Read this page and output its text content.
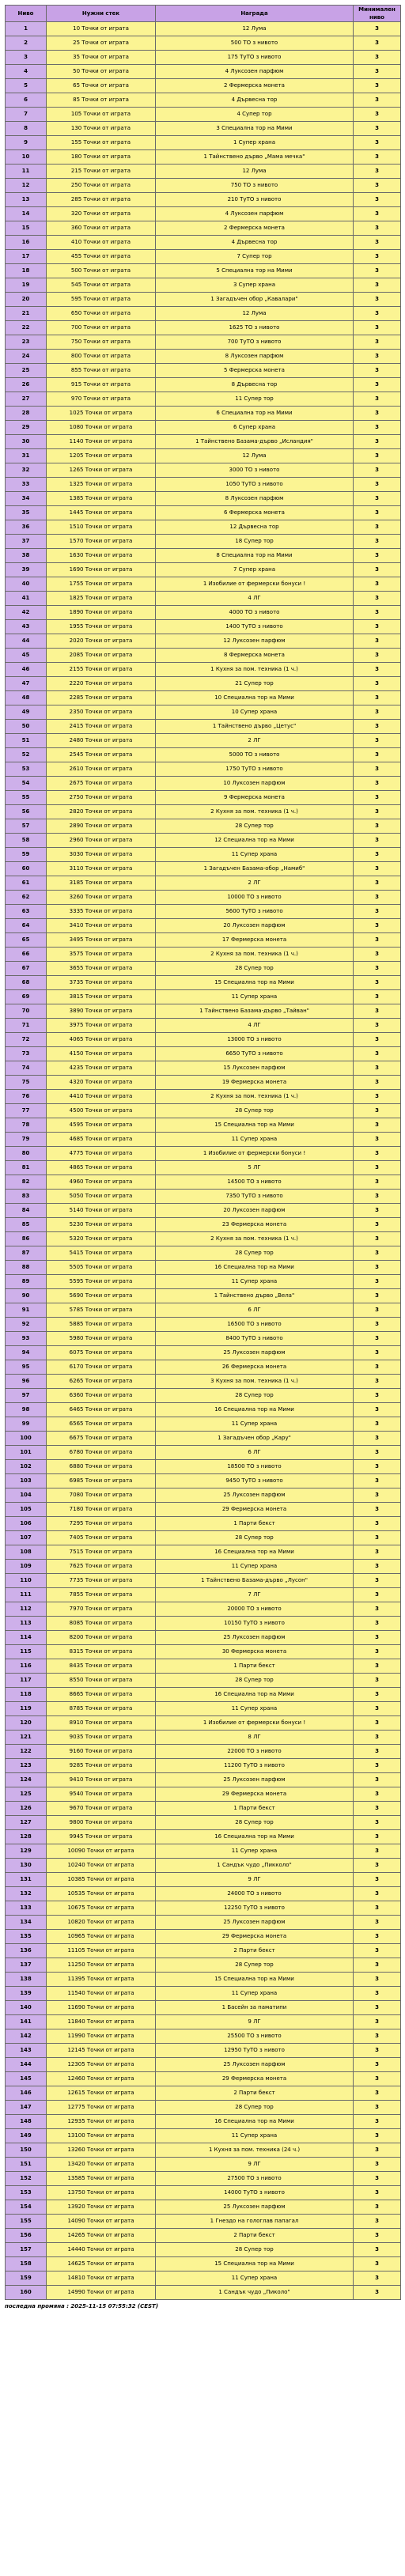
Ниво	Нужни стек	Награда	Минимален ниво
1	10 Точки от играта	12 Лума	3
2	25 Точки от играта	500 ТО з нивото	3
3	35 Точки от играта	175 ТуТО з нивото	3
4	50 Точки от играта	4 Луксозен парфюм	3
5	65 Точки от играта	2 Фермерска монета	3
6	85 Точки от играта	4 Дървесна тор	3
7	105 Точки от играта	4 Супер тор	3
8	130 Точки от играта	3 Специална тор на Мими	3
9	155 Точки от играта	1 Супер храна	3
10	180 Точки от играта	1 Тайнствено дърво „Мама мечка"	3
11	215 Точки от играта	12 Лума	3
12	250 Точки от играта	750 ТО з нивото	3
13	285 Точки от играта	210 ТуТО з нивото	3
14	320 Точки от играта	4 Луксозен парфюм	3
15	360 Точки от играта	2 Фермерска монета	3
16	410 Точки от играта	4 Дървесна тор	3
17	455 Точки от играта	7 Супер тор	3
18	500 Точки от играта	5 Специална тор на Мими	3
19	545 Точки от играта	3 Супер храна	3
20	595 Точки от играта	1 Загадъчен обор „Кавалари"	3
21	650 Точки от играта	12 Лума	3
22	700 Точки от играта	1625 ТО з нивото	3
23	750 Точки от играта	700 ТуТО з нивото	3
24	800 Точки от играта	8 Луксозен парфюм	3
25	855 Точки от играта	5 Фермерска монета	3
26	915 Точки от играта	8 Дървесна тор	3
27	970 Точки от играта	11 Супер тор	3
28	1025 Точки от играта	6 Специална тор на Мими	3
29	1080 Точки от играта	6 Супер храна	3
30	1140 Точки от играта	1 Тайнствено Базама-дърво „Исландия"	3
31	1205 Точки от играта	12 Лума	3
32	1265 Точки от играта	3000 ТО з нивото	3
33	1325 Точки от играта	1050 ТуТО з нивото	3
34	1385 Точки от играта	8 Луксозен парфюм	3
35	1445 Точки от играта	6 Фермерска монета	3
36	1510 Точки от играта	12 Дървесна тор	3
37	1570 Точки от играта	18 Супер тор	3
38	1630 Точки от играта	8 Специална тор на Мими	3
39	1690 Точки от играта	7 Супер храна	3
40	1755 Точки от играта	1 Изобилие от фермерски бонуси !	3
41	1825 Точки от играта	4 ЛГ	3
42	1890 Точки от играта	4000 ТО з нивото	3
43	1955 Точки от играта	1400 ТуТО з нивото	3
44	2020 Точки от играта	12 Луксозен парфюм	3
45	2085 Точки от играта	8 Фермерска монета	3
46	2155 Точки от играта	1 Кухня за пом. техника (1 ч.)	3
47	2220 Точки от играта	21 Супер тор	3
48	2285 Точки от играта	10 Специална тор на Мими	3
49	2350 Точки от играта	10 Супер храна	3
50	2415 Точки от играта	1 Тайнствено дърво „Цетус"	3
51	2480 Точки от играта	2 ЛГ	3
52	2545 Точки от играта	5000 ТО з нивото	3
53	2610 Точки от играта	1750 ТуТО з нивото	3
54	2675 Точки от играта	10 Луксозен парфюм	3
55	2750 Точки от играта	9 Фермерска монета	3
56	2820 Точки от играта	2 Кухня за пом. техника (1 ч.)	3
57	2890 Точки от играта	28 Супер тор	3
58	2960 Точки от играта	12 Специална тор на Мими	3
59	3030 Точки от играта	11 Супер храна	3
60	3110 Точки от играта	1 Загадъчен Базама-обор „Намиб"	3
61	3185 Точки от играта	2 ЛГ	3
62	3260 Точки от играта	10000 ТО з нивото	3
63	3335 Точки от играта	5600 ТуТО з нивото	3
64	3410 Точки от играта	20 Луксозен парфюм	3
65	3495 Точки от играта	17 Фермерска монета	3
66	3575 Точки от играта	2 Кухня за пом. техника (1 ч.)	3
67	3655 Точки от играта	28 Супер тор	3
68	3735 Точки от играта	15 Специална тор на Мими	3
69	3815 Точки от играта	11 Супер храна	3
70	3890 Точки от играта	1 Тайнствено Базама-дърво „Тайван"	3
71	3975 Точки от играта	4 ЛГ	3
72	4065 Точки от играта	13000 ТО з нивото	3
73	4150 Точки от играта	6650 ТуТО з нивото	3
74	4235 Точки от играта	15 Луксозен парфюм	3
75	4320 Точки от играта	19 Фермерска монета	3
76	4410 Точки от играта	2 Кухня за пом. техника (1 ч.)	3
77	4500 Точки от играта	28 Супер тор	3
78	4595 Точки от играта	15 Специална тор на Мими	3
79	4685 Точки от играта	11 Супер храна	3
80	4775 Точки от играта	1 Изобилие от фермерски бонуси !	3
81	4865 Точки от играта	5 ЛГ	3
82	4960 Точки от играта	14500 ТО з нивото	3
83	5050 Точки от играта	7350 ТуТО з нивото	3
84	5140 Точки от играта	20 Луксозен парфюм	3
85	5230 Точки от играта	23 Фермерска монета	3
86	5320 Точки от играта	2 Кухня за пом. техника (1 ч.)	3
87	5415 Точки от играта	28 Супер тор	3
88	5505 Точки от играта	16 Специална тор на Мими	3
89	5595 Точки от играта	11 Супер храна	3
90	5690 Точки от играта	1 Тайнствено дърво „Вела"	3
91	5785 Точки от играта	6 ЛГ	3
92	5885 Точки от играта	16500 ТО з нивото	3
93	5980 Точки от играта	8400 ТуТО з нивото	3
94	6075 Точки от играта	25 Луксозен парфюм	3
95	6170 Точки от играта	26 Фермерска монета	3
96	6265 Точки от играта	3 Кухня за пом. техника (1 ч.)	3
97	6360 Точки от играта	28 Супер тор	3
98	6465 Точки от играта	16 Специална тор на Мими	3
99	6565 Точки от играта	11 Супер храна	3
100	6675 Точки от играта	1 Загадъчен обор „Кару"	3
101	6780 Точки от играта	6 ЛГ	3
102	6880 Точки от играта	18500 ТО з нивото	3
103	6985 Точки от играта	9450 ТуТО з нивото	3
104	7080 Точки от играта	25 Луксозен парфюм	3
105	7180 Точки от играта	29 Фермерска монета	3
106	7295 Точки от играта	1 Парти бекст	3
107	7405 Точки от играта	28 Супер тор	3
108	7515 Точки от играта	16 Специална тор на Мими	3
109	7625 Точки от играта	11 Супер храна	3
110	7735 Точки от играта	1 Тайнствено Базама-дърво „Лусон"	3
111	7855 Точки от играта	7 ЛГ	3
112	7970 Точки от играта	20000 ТО з нивото	3
113	8085 Точки от играта	10150 ТуТО з нивото	3
114	8200 Точки от играта	25 Луксозен парфюм	3
115	8315 Точки от играта	30 Фермерска монета	3
116	8435 Точки от играта	1 Парти бекст	3
117	8550 Точки от играта	28 Супер тор	3
118	8665 Точки от играта	16 Специална тор на Мими	3
119	8785 Точки от играта	11 Супер храна	3
120	8910 Точки от играта	1 Изобилие от фермерски бонуси !	3
121	9035 Точки от играта	8 ЛГ	3
122	9160 Точки от играта	22000 ТО з нивото	3
123	9285 Точки от играта	11200 ТуТО з нивото	3
124	9410 Точки от играта	25 Луксозен парфюм	3
125	9540 Точки от играта	29 Фермерска монета	3
126	9670 Точки от играта	1 Парти бекст	3
127	9800 Точки от играта	28 Супер тор	3
128	9945 Точки от играта	16 Специална тор на Мими	3
129	10090 Точки от играта	11 Супер храна	3
130	10240 Точки от играта	1 Сандък чудо „Пикколо"	3
131	10385 Точки от играта	9 ЛГ	3
132	10535 Точки от играта	24000 ТО з нивото	3
133	10675 Точки от играта	12250 ТуТО з нивото	3
134	10820 Точки от играта	25 Луксозен парфюм	3
135	10965 Точки от играта	29 Фермерска монета	3
136	11105 Точки от играта	2 Парти бекст	3
137	11250 Точки от играта	28 Супер тор	3
138	11395 Точки от играта	15 Специална тор на Мими	3
139	11540 Точки от играта	11 Супер храна	3
140	11690 Точки от играта	1 Басейн за паматипи	3
141	11840 Точки от играта	9 ЛГ	3
142	11990 Точки от играта	25500 ТО з нивото	3
143	12145 Точки от играта	12950 ТуТО з нивото	3
144	12305 Точки от играта	25 Луксозен парфюм	3
145	12460 Точки от играта	29 Фермерска монета	3
146	12615 Точки от играта	2 Парти бекст	3
147	12775 Точки от играта	28 Супер тор	3
148	12935 Точки от играта	16 Специална тор на Мими	3
149	13100 Точки от играта	11 Супер храна	3
150	13260 Точки от играта	1 Кухня за пом. техника (24 ч.)	3
151	13420 Точки от играта	9 ЛГ	3
152	13585 Точки от играта	27500 ТО з нивото	3
153	13750 Точки от играта	14000 ТуТО з нивото	3
154	13920 Точки от играта	25 Луксозен парфюм	3
155	14090 Точки от играта	1 Гнездо на гологлав папагал	3
156	14265 Точки от играта	2 Парти бекст	3
157	14440 Точки от играта	28 Супер тор	3
158	14625 Точки от играта	15 Специална тор на Мими	3
159	14810 Точки от играта	11 Супер храна	3
160	14990 Точки от играта	1 Сандък чудо „Пиколо"	3
последна промяна : 2025-11-15 07:55:32 (CEST)
